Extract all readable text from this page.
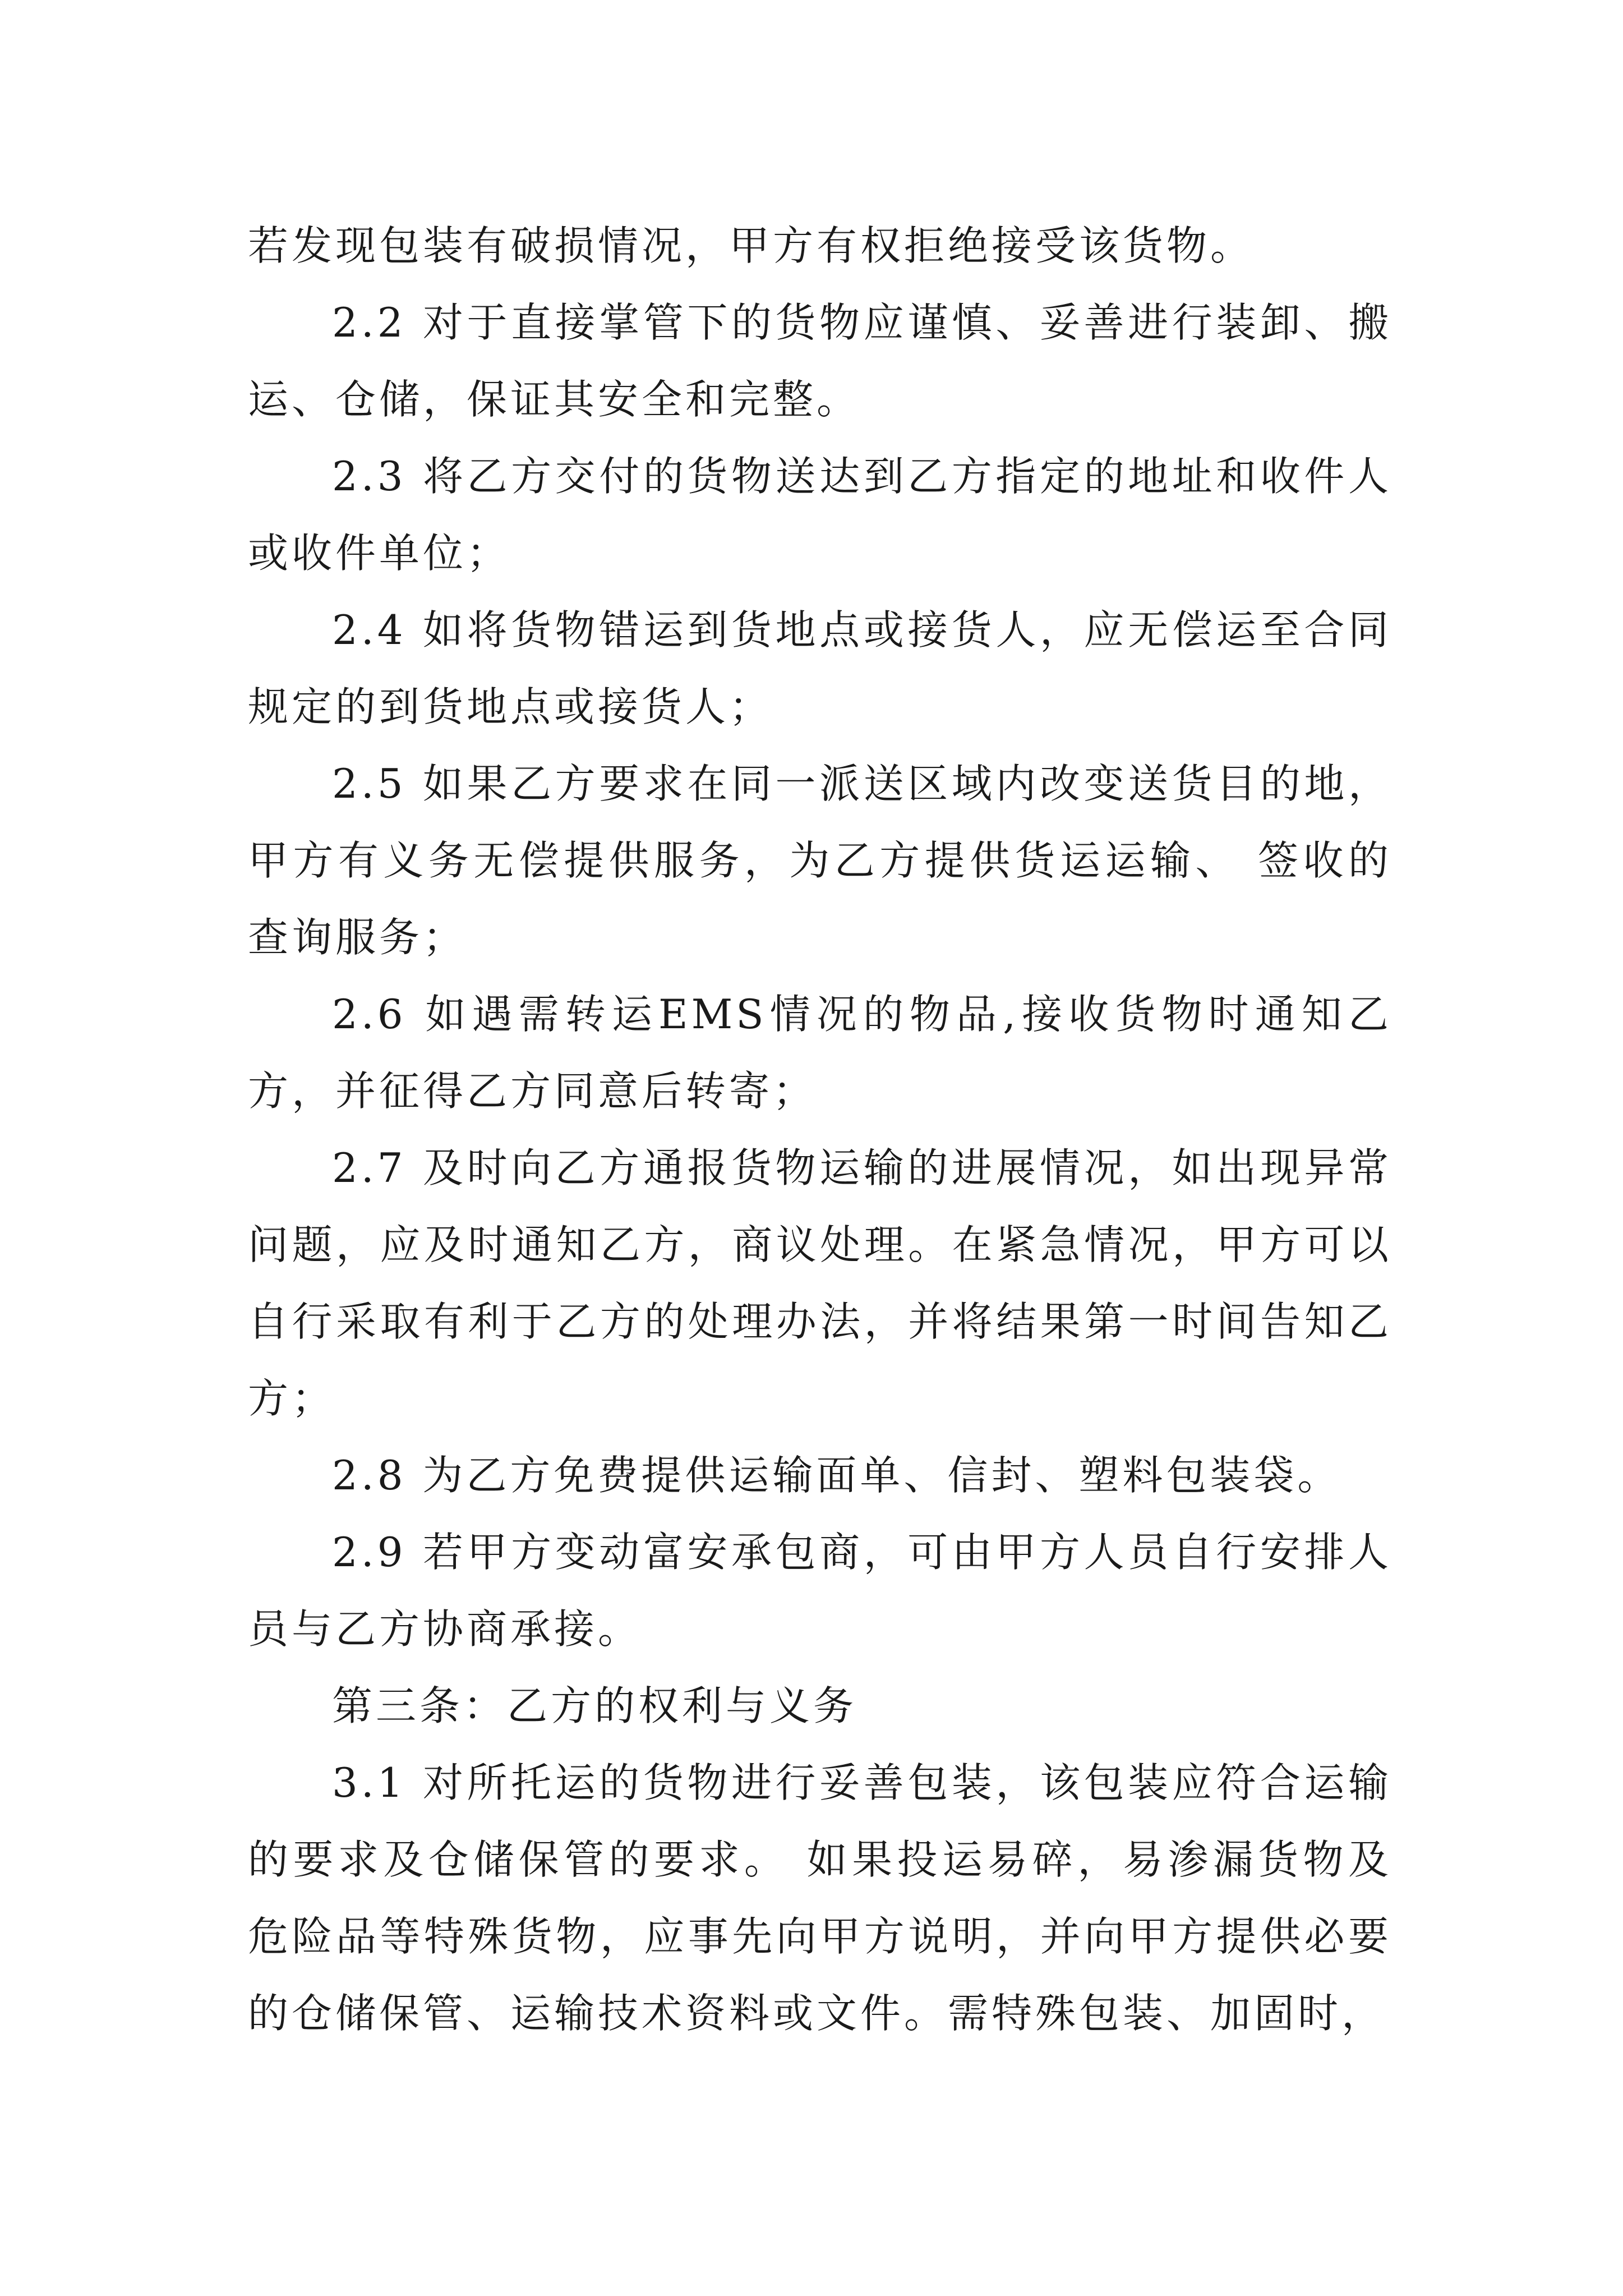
若发现包装有破损情况，甲方有权拒绝接受该货物。

2.2 对于直接掌管下的货物应谨慎、妥善进行装卸、搬运、仓储，保证其安全和完整。

2.3 将乙方交付的货物送达到乙方指定的地址和收件人或收件单位；

2.4 如将货物错运到货地点或接货人，应无偿运至合同规定的到货地点或接货人；

2.5 如果乙方要求在同一派送区域内改变送货目的地，甲方有义务无偿提供服务，为乙方提供货运运输、 签收的查询服务；

2.6 如遇需转运EMS情况的物品,接收货物时通知乙方，并征得乙方同意后转寄；

2.7 及时向乙方通报货物运输的进展情况，如出现异常问题，应及时通知乙方，商议处理。在紧急情况，甲方可以自行采取有利于乙方的处理办法，并将结果第一时间告知乙方；

2.8 为乙方免费提供运输面单、信封、塑料包装袋。

2.9 若甲方变动富安承包商，可由甲方人员自行安排人员与乙方协商承接。

第三条：乙方的权利与义务

3.1 对所托运的货物进行妥善包装，该包装应符合运输的要求及仓储保管的要求。 如果投运易碎，易渗漏货物及危险品等特殊货物，应事先向甲方说明，并向甲方提供必要的仓储保管、运输技术资料或文件。需特殊包装、加固时，
